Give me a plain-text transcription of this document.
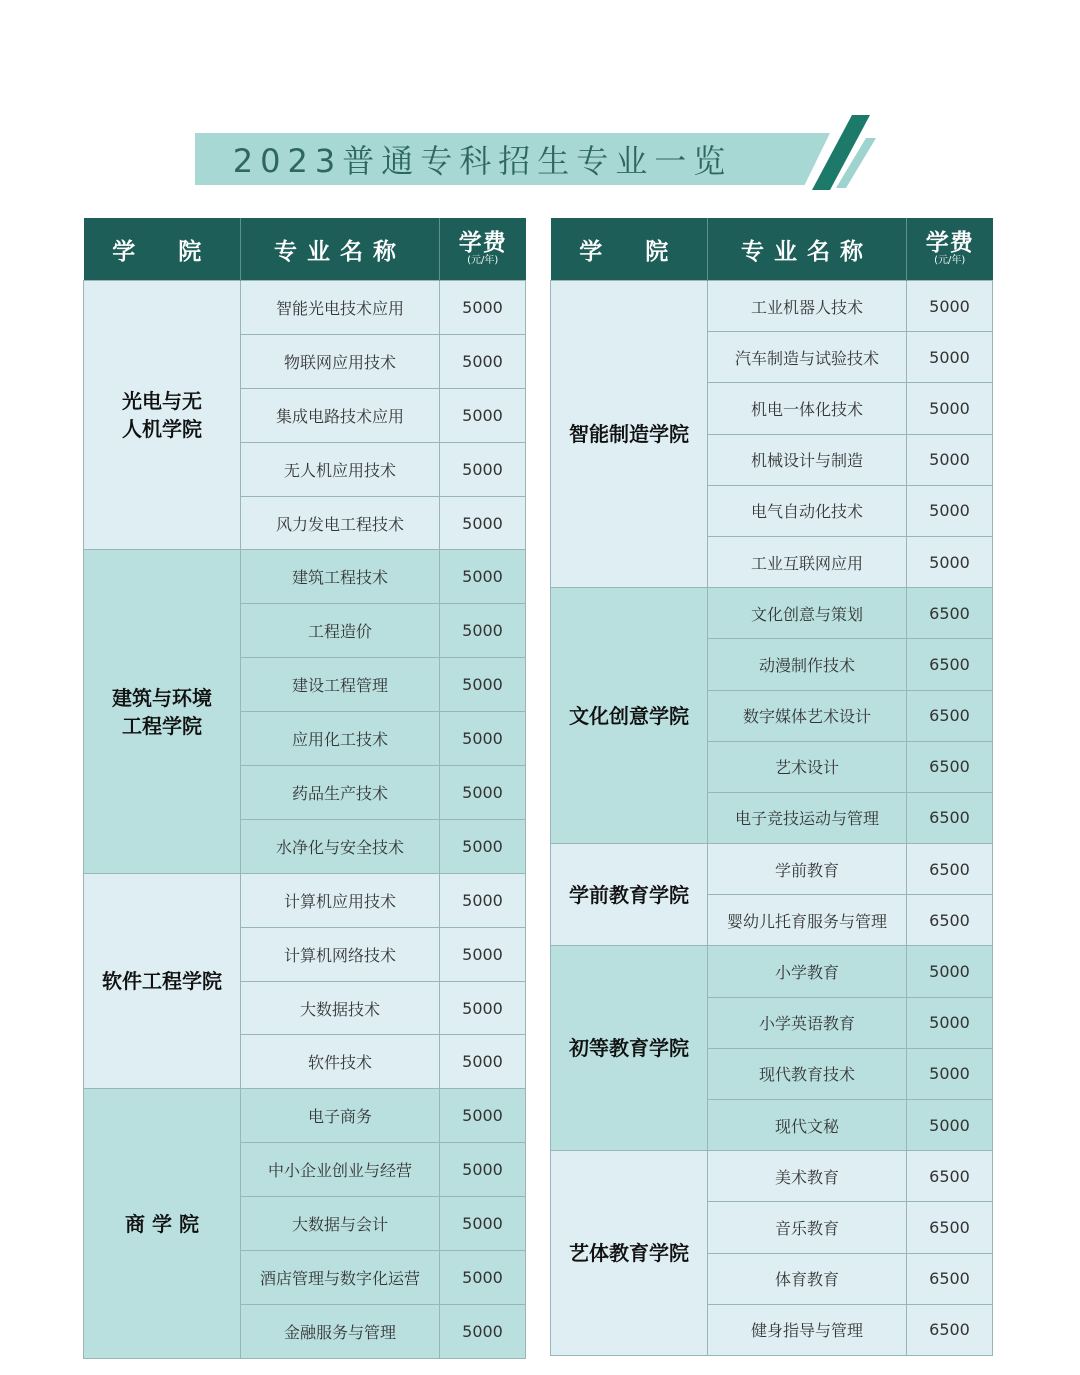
2023普通专科招生专业一览
学　院	专业名称	学费
(元/年)

光电与无
人机学院	智能光电技术应用	5000
	物联网应用技术	5000
	集成电路技术应用	5000
	无人机应用技术	5000
	风力发电工程技术	5000
建筑与环境
工程学院	建筑工程技术	5000
	工程造价	5000
	建设工程管理	5000
	应用化工技术	5000
	药品生产技术	5000
	水净化与安全技术	5000
软件工程学院	计算机应用技术	5000
	计算机网络技术	5000
	大数据技术	5000
	软件技术	5000
商 学 院	电子商务	5000
	中小企业创业与经营	5000
	大数据与会计	5000
	酒店管理与数字化运营	5000
	金融服务与管理	5000
学　院	专业名称	学费
(元/年)

智能制造学院	工业机器人技术	5000
	汽车制造与试验技术	5000
	机电一体化技术	5000
	机械设计与制造	5000
	电气自动化技术	5000
	工业互联网应用	5000
文化创意学院	文化创意与策划	6500
	动漫制作技术	6500
	数字媒体艺术设计	6500
	艺术设计	6500
	电子竞技运动与管理	6500
学前教育学院	学前教育	6500
	婴幼儿托育服务与管理	6500
初等教育学院	小学教育	5000
	小学英语教育	5000
	现代教育技术	5000
	现代文秘	5000
艺体教育学院	美术教育	6500
	音乐教育	6500
	体育教育	6500
	健身指导与管理	6500
